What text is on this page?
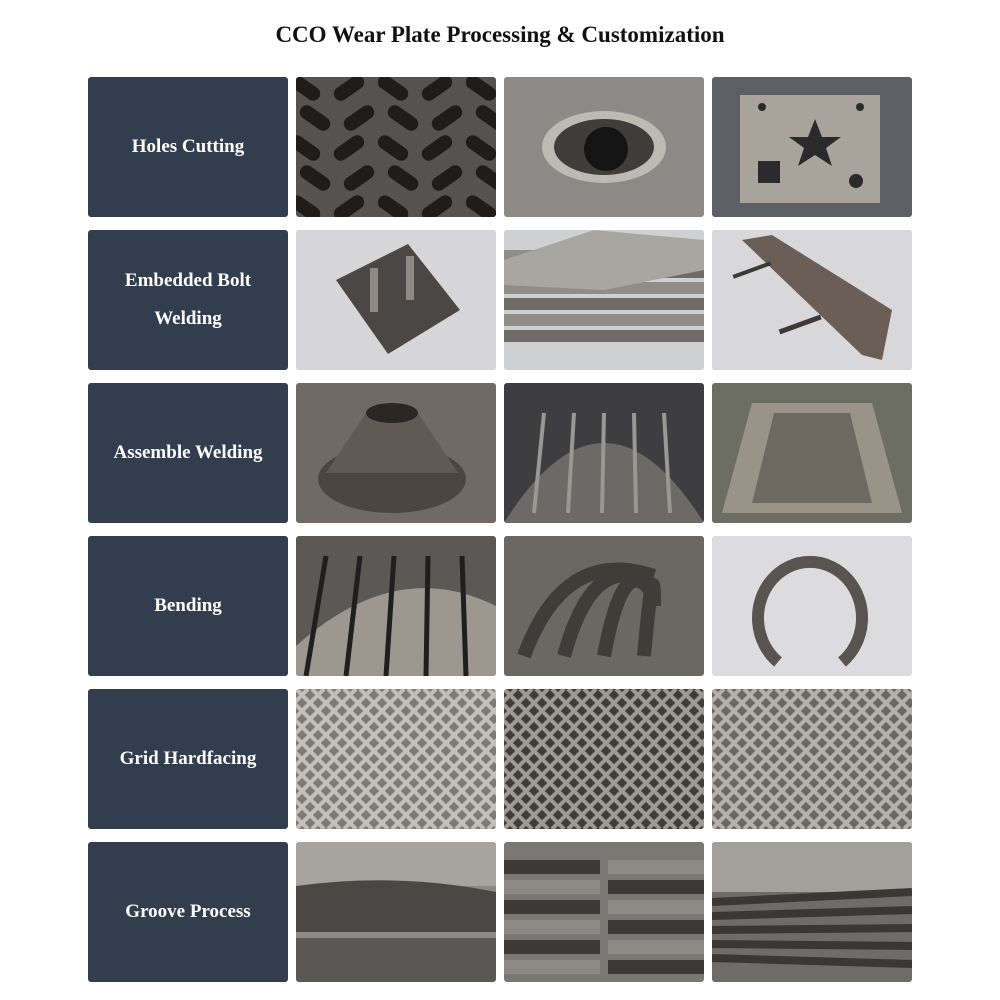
CCO Wear Plate Processing & Customization
Holes Cutting
Embedded Bolt Welding
Assemble Welding
Bending
Grid Hardfacing
Groove Process
